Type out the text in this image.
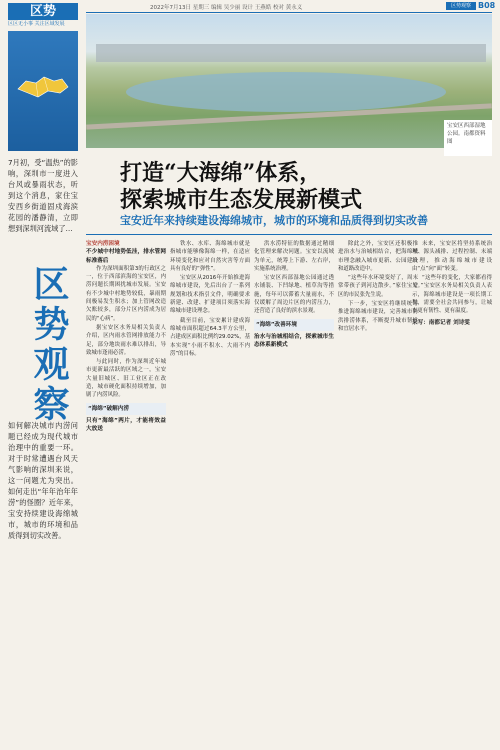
区势
区区无小事 关注区域发展
2022年7月13日 星期三 编辑 吴少丽 设计 王燕皓 校对 黄永义	区势观察 B08

7月初，受“温热”的影响，深圳市一度进入台风或暴雨状态，听到这个消息，家住宝安西乡街道固戍海滨花园的潘静清，立即想到深圳河流域了…

区势观察

如何解决城市内涝问题已经成为现代城市治理中的重要一环。对于时常遭遇台风天气影响的深圳来说，这一问题尤为突出。如何走出“年年治年年涝”的怪圈？近年来，宝安持续建设海绵城市，城市的环境和品质得到切实改善。

宝安区西部湿地公园。南都资料图
打造“大海绵”体系，
探索城市生态发展新模式
宝安近年来持续建设海绵城市，城市的环境和品质得到切实改善
宝安内涝困境
不少城中村地势低洼，排水管网标准落后

作为深圳面积第3的行政区之一，位于西部滨海的宝安区，内涝问题长期困扰城市发展。宝安有不少城中村地势较低，暴雨期间极易发生积水；加上管网改造欠账较多，部分片区内涝成为居民的“心病”。

据宝安区水务局相关负责人介绍，区内雨水管网排放能力不足，部分地块雨水难以排出，导致城市逢雨必涝。

与此同时，作为深圳近年城市更新最活跃的区域之一，宝安大量旧城区、旧工业区正在改造，城市硬化面积持续增加，加剧了内涝风险。

“海绵”破解内涝
只有“海绵”两片，才能将效益大放送

铁水、水库、海绵城市就是指城市能够像海绵一样，在适应环境变化和应对自然灾害等方面具有良好的“弹性”。

宝安区从2016年开始推进海绵城市建设，先后出台了一系列规划和技术指引文件，明确要求新建、改建、扩建项目须落实海绵城市建设理念。

截至目前，宝安累计建成海绵城市面积超过64.3平方公里，占建成区面积比例约29.02%，基本实现“小雨不积水、大雨不内涝”的目标。

洪水涝特征的数据通过精细化管理来解决问题。宝安以流域为单元，统筹上下游、左右岸，实施系统治理。

宝安区西部湿地公园通过透水铺装、下凹绿地、植草沟等措施，每年可以滞蓄大量雨水，不仅缓解了周边片区的内涝压力，还营造了良好的滨水景观。

“海绵”改善环境
治水与治城相结合，探索城市生态体系新模式

除此之外，宝安区还积极推进治水与治城相结合，把海绵城市理念融入城市更新、公园建设和道路改造中。

“这些年水环境变好了，周末常带孩子到河边散步。”家住宝安区的市民张先生说。

下一步，宝安区将继续统筹推进海绵城市建设，完善城市防洪排涝体系，不断提升城市韧性和宜居水平。

未来，宝安区将坚持系统治理、源头减排、过程控制、末端治理，推动海绵城市建设由“点”向“面”转变。

“这些年的变化，大家都看得见。”宝安区水务局相关负责人表示，海绵城市建设是一项长期工程，需要全社会共同参与，让城市更有韧性、更有温度。

采写：南都记者 刘诗雯
